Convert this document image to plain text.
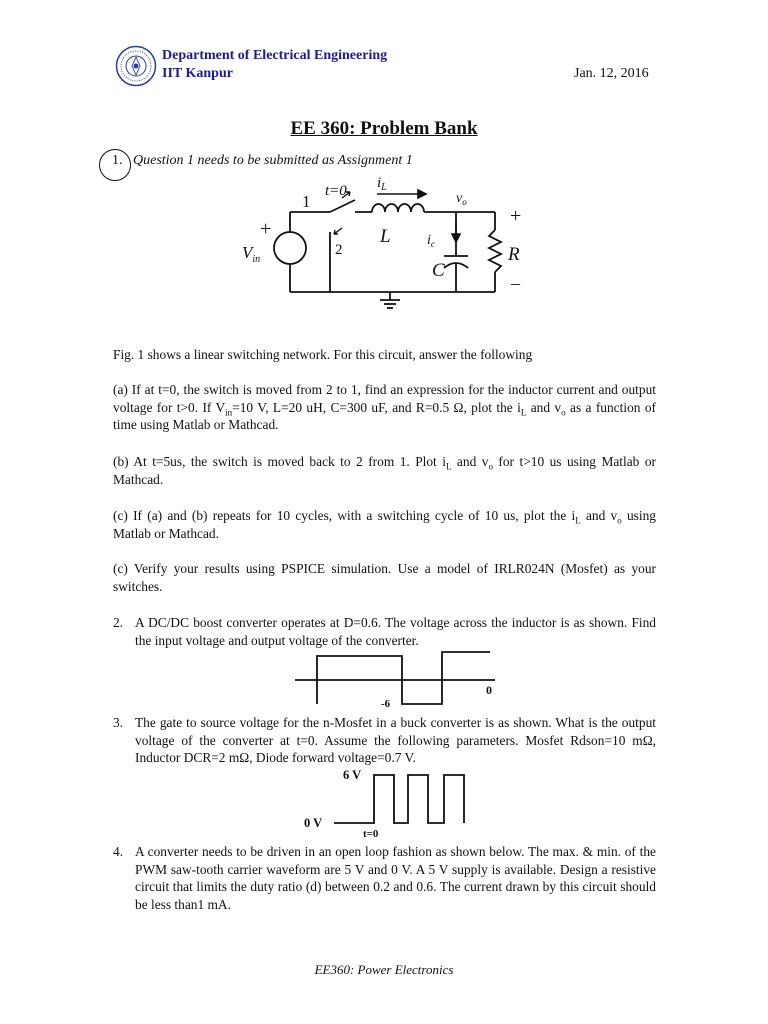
Department of Electrical Engineering
IIT Kanpur	Jan. 12, 2016
EE 360: Problem Bank
1. Question 1 needs to be submitted as Assignment 1
1
t=0 $i_L$
$v_o$
+
+
$V_{in}$
2
L	$i_c$	R
C
–
Fig. 1 shows a linear switching network. For this circuit, answer the following
(a) If at t=0, the switch is moved from 2 to 1, find an expression for the inductor current and output voltage for t>0. If $V_{in}=10$ V, L=20 uH, C=300 uF, and R=0.5 Ω, plot the $i_L$ and $v_o$ as a function of time using Matlab or Mathcad.
(b) At t=5us, the switch is moved back to 2 from 1. Plot $i_L$ and $v_o$ for t>10 us using Matlab or Mathcad.
(c) If (a) and (b) repeats for 10 cycles, with a switching cycle of 10 us, plot the $i_L$ and $v_o$ using Matlab or Mathcad.
(c) Verify your results using PSPICE simulation. Use a model of IRLR024N (Mosfet) as your switches.
2. A DC/DC boost converter operates at D=0.6. The voltage across the inductor is as shown. Find the input voltage and output voltage of the converter.
-6
0
3. The gate to source voltage for the n-Mosfet in a buck converter is as shown. What is the output voltage of the converter at t=0. Assume the following parameters. Mosfet Rdson=10 mΩ, Inductor DCR=2 mΩ, Diode forward voltage=0.7 V.
6 V
0 V
t=0
4. A converter needs to be driven in an open loop fashion as shown below. The max. & min. of the PWM saw-tooth carrier waveform are 5 V and 0 V. A 5 V supply is available. Design a resistive circuit that limits the duty ratio (d) between 0.2 and 0.6. The current drawn by this circuit should be less than1 mA.
EE360: Power Electronics
